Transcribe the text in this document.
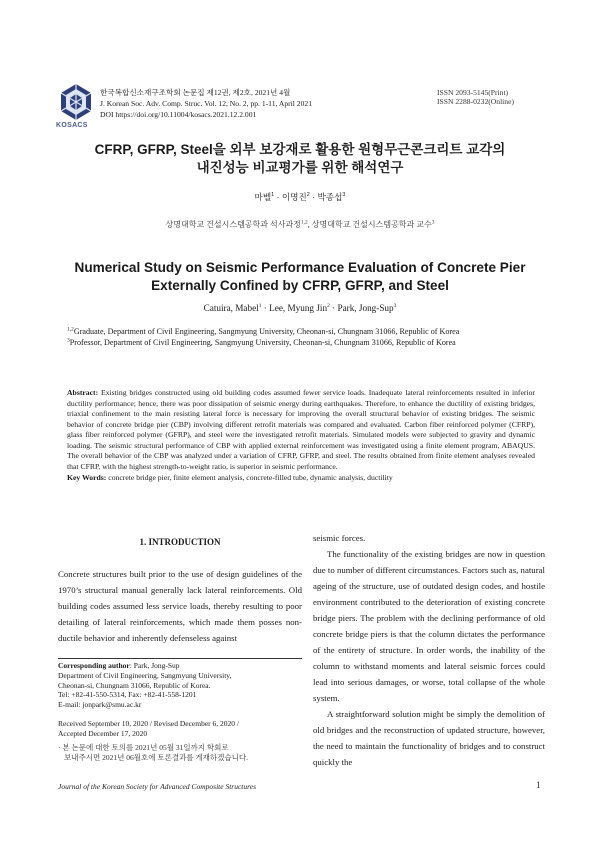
KOSACS
한국복합신소재구조학회 논문집 제12권, 제2호, 2021년 4월
J. Korean Soc. Adv. Comp. Struc. Vol. 12, No. 2, pp. 1-11, April 2021
DOI https://doi.org/10.11004/kosacs.2021.12.2.001
ISSN 2093-5145(Print)
ISSN 2288-0232(Online)
CFRP, GFRP, Steel을 외부 보강재로 활용한 원형무근콘크리트 교각의
내진성능 비교평가를 위한 해석연구
마벨$^1$ · 이명진$^2$ · 박종섭$^3$
상명대학교 건설시스템공학과 석사과정$^{1,2}$, 상명대학교 건설시스템공학과 교수$^3$
Numerical Study on Seismic Performance Evaluation of Concrete Pier
Externally Confined by CFRP, GFRP, and Steel
Catuira, Mabel$^1$ · Lee, Myung Jin$^2$ · Park, Jong-Sup$^3$
$^{1,2}$Graduate, Department of Civil Engineering, Sangmyung University, Cheonan-si, Chungnam 31066, Republic of Korea
$^3$Professor, Department of Civil Engineering, Sangmyung University, Cheonan-si, Chungnam 31066, Republic of Korea
Abstract: Existing bridges constructed using old building codes assumed fewer service loads. Inadequate lateral reinforcements resulted in inferior ductility performance; hence, there was poor dissipation of seismic energy during earthquakes. Therefore, to enhance the ductility of existing bridges, triaxial confinement to the main resisting lateral force is necessary for improving the overall structural behavior of existing bridges. The seismic behavior of concrete bridge pier (CBP) involving different retrofit materials was compared and evaluated. Carbon fiber reinforced polymer (CFRP), glass fiber reinforced polymer (GFRP), and steel were the investigated retrofit materials. Simulated models were subjected to gravity and dynamic loading. The seismic structural performance of CBP with applied external reinforcement was investigated using a finite element program, ABAQUS. The overall behavior of the CBP was analyzed under a variation of CFRP, GFRP, and steel. The results obtained from finite element analyses revealed that CFRP, with the highest strength-to-weight ratio, is superior in seismic performance.
Key Words: concrete bridge pier, finite element analysis, concrete-filled tube, dynamic analysis, ductility
1. INTRODUCTION

Concrete structures built prior to the use of design guidelines of the 1970’s structural manual generally lack lateral reinforcements. Old building codes assumed less service loads, thereby resulting to poor detailing of lateral reinforcements, which made them posses non-ductile behavior and inherently defenseless against

seismic forces.

The functionality of the existing bridges are now in question due to number of different circumstances. Factors such as, natural ageing of the structure, use of outdated design codes, and hostile environment contributed to the deterioration of existing concrete bridge piers. The problem with the declining performance of old concrete bridge piers is that the column dictates the performance of the entirety of structure. In order words, the inability of the column to withstand moments and lateral seismic forces could lead into serious damages, or worse, total collapse of the whole system.

A straightforward solution might be simply the demolition of old bridges and the reconstruction of updated structure, however, the need to maintain the functionality of bridges and to construct quickly the

Corresponding author: Park, Jong-Sup
Department of Civil Engineering, Sangmyung University,
Cheonan-si, Chungnam 31066, Republic of Korea.
Tel: +82-41-550-5314, Fax: +82-41-558-1201
E-mail: jonpark@smu.ac.kr
Received September 10, 2020 / Revised December 6, 2020 /
Accepted December 17, 2020
· 본 논문에 대한 토의를 2021년 05월 31일까지 학회로
보내주시면 2021년 06월호에 토론결과를 게재하겠습니다.
Journal of the Korean Society for Advanced Composite Structures	1
